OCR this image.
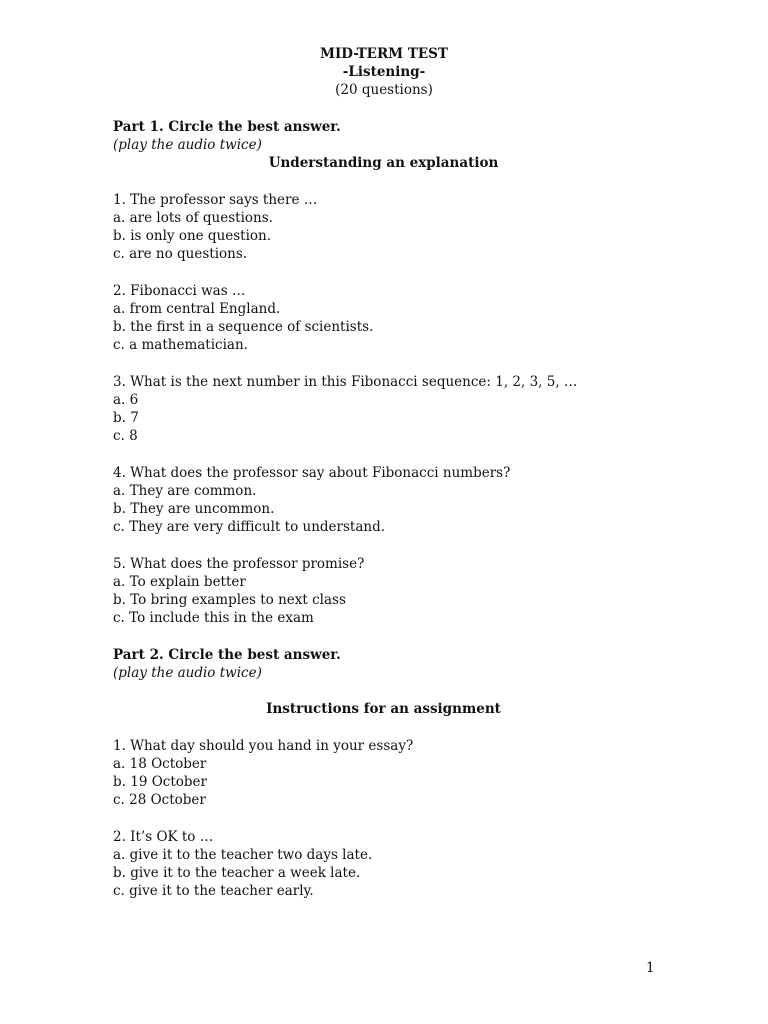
MID-TERM TEST
-Listening-
(20 questions)
Part 1. Circle the best answer.
(play the audio twice)
Understanding an explanation
1. The professor says there …
a. are lots of questions.
b. is only one question.
c. are no questions.
2. Fibonacci was …
a. from central England.
b. the first in a sequence of scientists.
c. a mathematician.
3. What is the next number in this Fibonacci sequence: 1, 2, 3, 5, …
a. 6
b. 7
c. 8
4. What does the professor say about Fibonacci numbers?
a. They are common.
b. They are uncommon.
c. They are very difficult to understand.
5. What does the professor promise?
a. To explain better
b. To bring examples to next class
c. To include this in the exam
Part 2. Circle the best answer.
(play the audio twice)
Instructions for an assignment
1. What day should you hand in your essay?
a. 18 October
b. 19 October
c. 28 October
2. It’s OK to …
a. give it to the teacher two days late.
b. give it to the teacher a week late.
c. give it to the teacher early.
1
